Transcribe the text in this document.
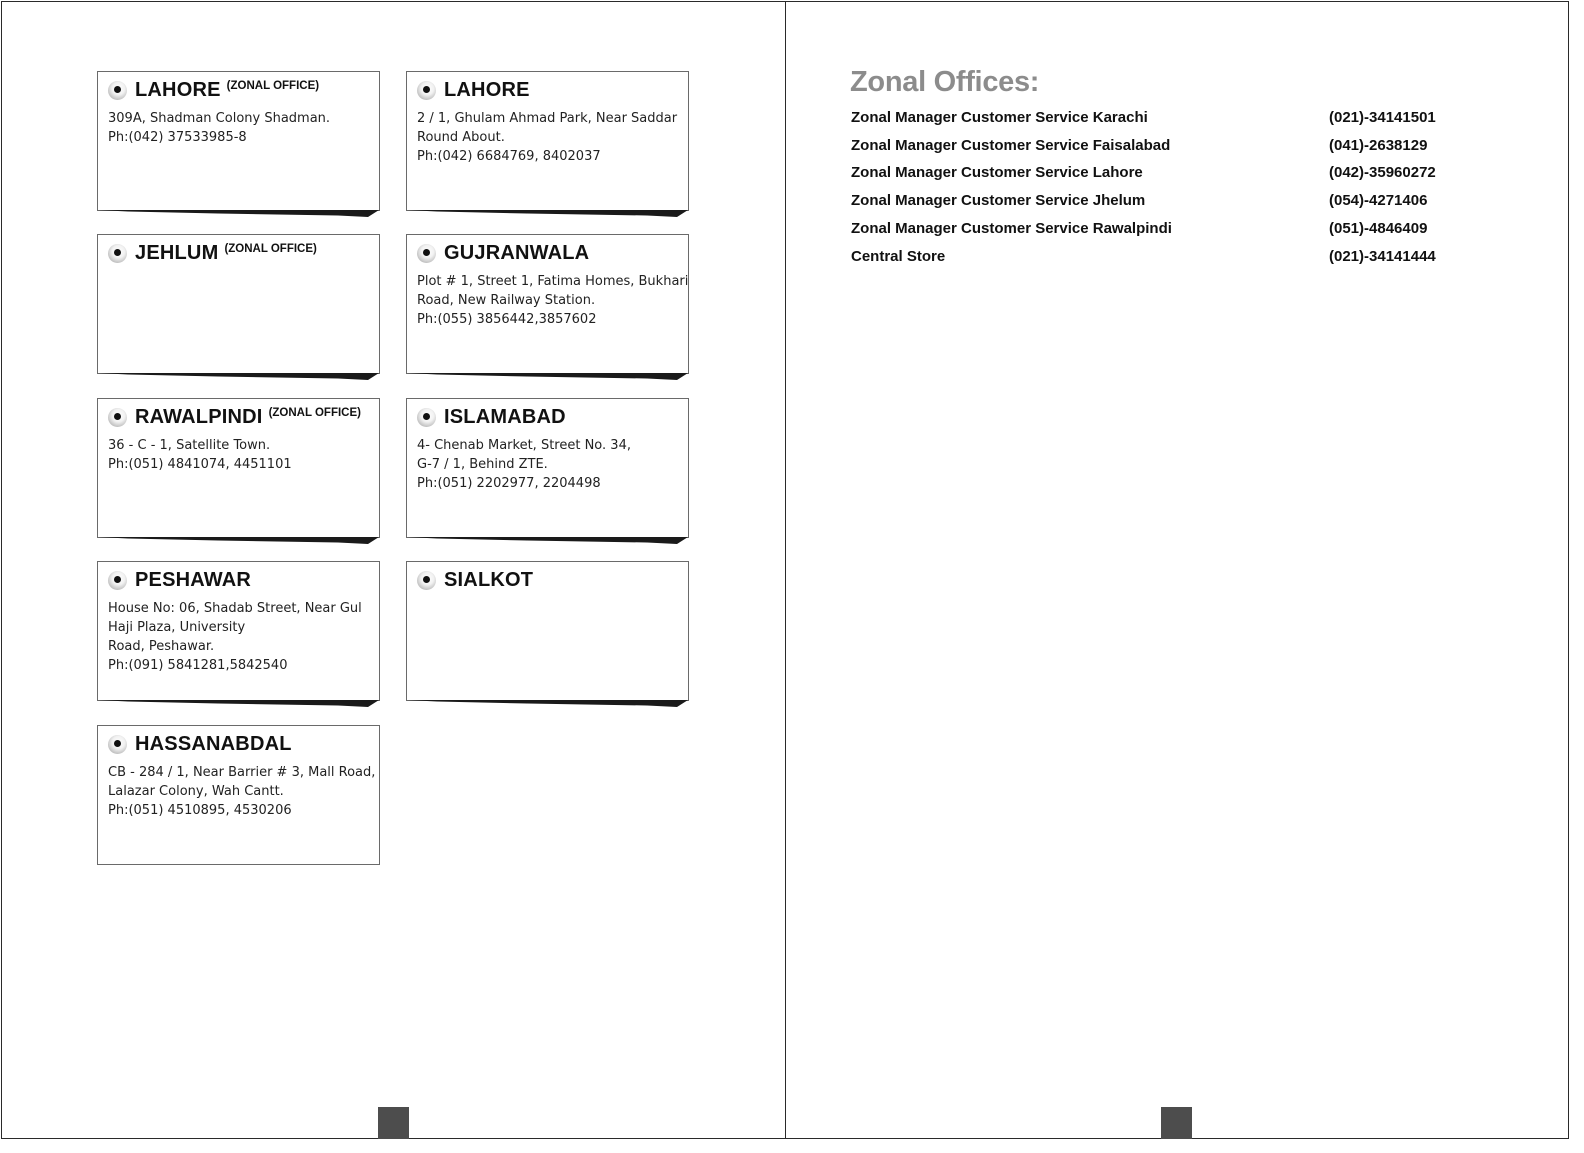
LAHORE (ZONAL OFFICE)
309A, Shadman Colony Shadman.
Ph:(042) 37533985-8
LAHORE
2 / 1, Ghulam Ahmad Park, Near Saddar
Round About.
Ph:(042) 6684769, 8402037
JEHLUM (ZONAL OFFICE)	GUJRANWALA
Plot # 1, Street 1, Fatima Homes, Bukhari
Road, New Railway Station.
Ph:(055) 3856442,3857602
RAWALPINDI (ZONAL OFFICE)
36 - C - 1, Satellite Town.
Ph:(051) 4841074, 4451101
ISLAMABAD
4- Chenab Market, Street No. 34,
G-7 / 1, Behind ZTE.
Ph:(051) 2202977, 2204498
PESHAWAR
House No: 06, Shadab Street, Near Gul
Haji Plaza, University
Road, Peshawar.
Ph:(091) 5841281,5842540
SIALKOT
HASSANABDAL
CB - 284 / 1, Near Barrier # 3, Mall Road,
Lalazar Colony, Wah Cantt.
Ph:(051) 4510895, 4530206
Zonal Offices:
Zonal Manager Customer Service Karachi	(021)-34141501
Zonal Manager Customer Service Faisalabad	(041)-2638129
Zonal Manager Customer Service Lahore	(042)-35960272
Zonal Manager Customer Service Jhelum	(054)-4271406
Zonal Manager Customer Service Rawalpindi	(051)-4846409
Central Store	(021)-34141444
